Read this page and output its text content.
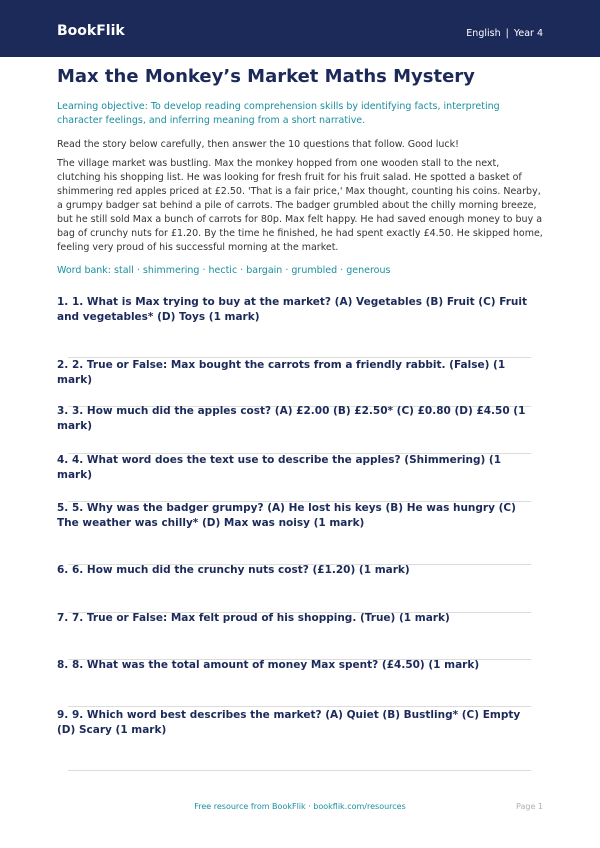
BookFlik	English | Year 4
Max the Monkey’s Market Maths Mystery

Learning objective: To develop reading comprehension skills by identifying facts, interpreting character feelings, and inferring meaning from a short narrative.

Read the story below carefully, then answer the 10 questions that follow. Good luck!

The village market was bustling. Max the monkey hopped from one wooden stall to the next, clutching his shopping list. He was looking for fresh fruit for his fruit salad. He spotted a basket of shimmering red apples priced at £2.50. 'That is a fair price,' Max thought, counting his coins. Nearby, a grumpy badger sat behind a pile of carrots. The badger grumbled about the chilly morning breeze, but he still sold Max a bunch of carrots for 80p. Max felt happy. He had saved enough money to buy a bag of crunchy nuts for £1.20. By the time he finished, he had spent exactly £4.50. He skipped home, feeling very proud of his successful morning at the market.

Word bank: stall · shimmering · hectic · bargain · grumbled · generous

1. 1. What is Max trying to buy at the market? (A) Vegetables (B) Fruit (C) Fruit and vegetables* (D) Toys (1 mark)

2. 2. True or False: Max bought the carrots from a friendly rabbit. (False) (1 mark)

3. 3. How much did the apples cost? (A) £2.00 (B) £2.50* (C) £0.80 (D) £4.50 (1 mark)

4. 4. What word does the text use to describe the apples? (Shimmering) (1 mark)

5. 5. Why was the badger grumpy? (A) He lost his keys (B) He was hungry (C) The weather was chilly* (D) Max was noisy (1 mark)

6. 6. How much did the crunchy nuts cost? (£1.20) (1 mark)

7. 7. True or False: Max felt proud of his shopping. (True) (1 mark)

8. 8. What was the total amount of money Max spent? (£4.50) (1 mark)

9. 9. Which word best describes the market? (A) Quiet (B) Bustling* (C) Empty (D) Scary (1 mark)

Free resource from BookFlik · bookflik.com/resources	Page 1
